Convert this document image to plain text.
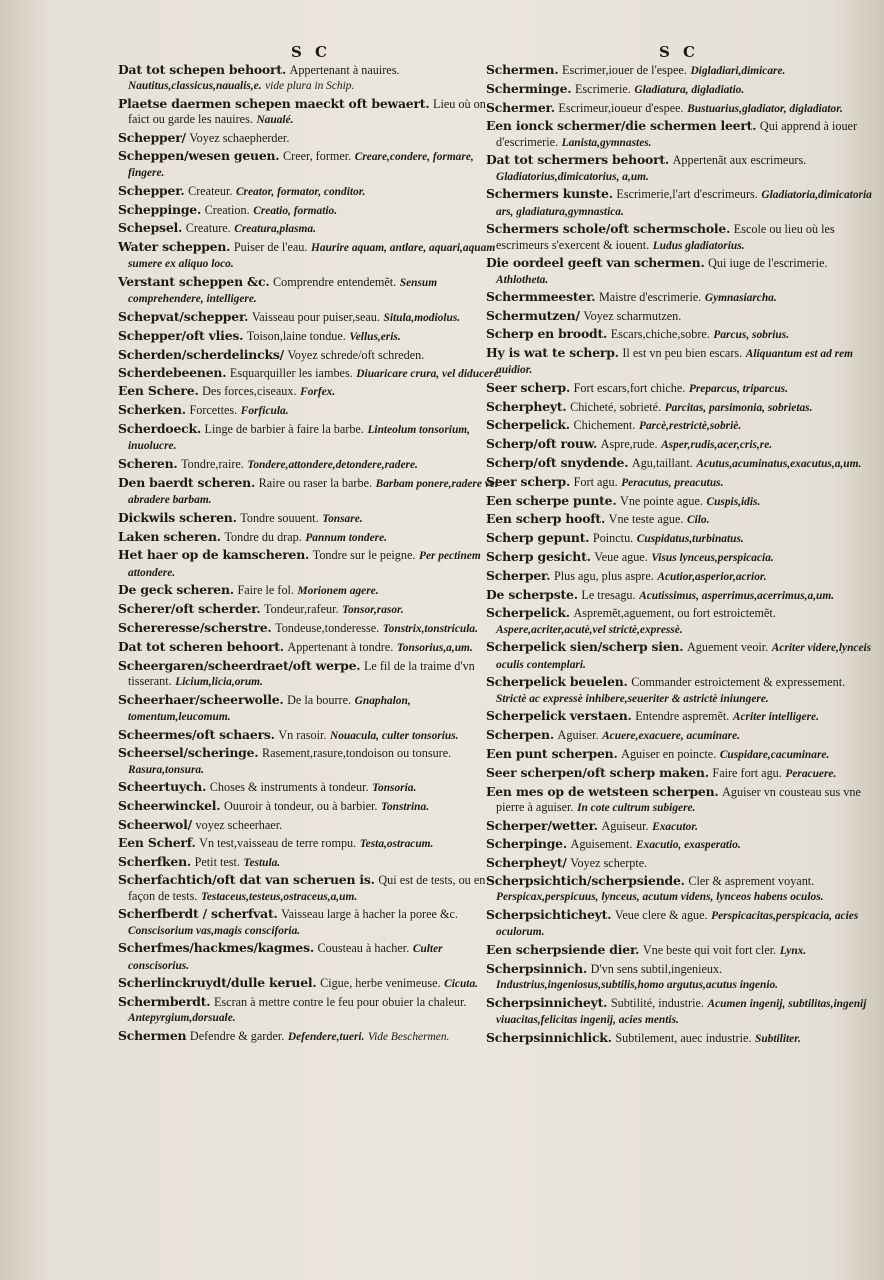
S C

Dat tot schepen behoort. Appertenant à nauires. Nautitus,classicus,naualis,e. vide plura in Schip.

Plaetse daermen schepen maeckt oft bewaert. Lieu où on faict ou garde les nauires. Naualé.

Schepper/ Voyez schaepherder.

Scheppen/wesen geuen. Creer, former. Creare,condere, formare, fingere.

Schepper. Createur. Creator, formator, conditor.

Scheppinge. Creation. Creatio, formatio.

Schepsel. Creature. Creatura,plasma.

Water scheppen. Puiser de l'eau. Haurire aquam, antlare, aquari,aquam sumere ex aliquo loco.

Verstant scheppen &c. Comprendre entendemẽt. Sensum comprehendere, intelligere.

Schepvat/schepper. Vaisseau pour puiser,seau. Situla,modiolus.

Schepper/oft vlies. Toison,laine tondue. Vellus,eris.

Scherden/scherdelincks/ Voyez schrede/oft schreden.

Scherdebeenen. Esquarquiller les iambes. Diuaricare crura, vel diducere.

Een Schere. Des forces,ciseaux. Forfex.

Scherken. Forcettes. Forficula.

Scherdoeck. Linge de barbier à faire la barbe. Linteolum tonsorium, inuolucre.

Scheren. Tondre,raire. Tondere,attondere,detondere,radere.

Den baerdt scheren. Raire ou raser la barbe. Barbam ponere,radere vel abradere barbam.

Dickwils scheren. Tondre souuent. Tonsare.

Laken scheren. Tondre du drap. Pannum tondere.

Het haer op de kamscheren. Tondre sur le peigne. Per pectinem attondere.

De geck scheren. Faire le fol. Morionem agere.

Scherer/oft scherder. Tondeur,rafeur. Tonsor,rasor.

Schereresse/scherstre. Tondeuse,tonderesse. Tonstrix,tonstricula.

Dat tot scheren behoort. Appertenant à tondre. Tonsorius,a,um.

Scheergaren/scheerdraet/oft werpe. Le fil de la traime d'vn tisserant. Licium,licia,orum.

Scheerhaer/scheerwolle. De la bourre. Gnaphalon, tomentum,leucomum.

Scheermes/oft schaers. Vn rasoir. Nouacula, culter tonsorius.

Scheersel/scheringe. Rasement,rasure,tondoison ou tonsure. Rasura,tonsura.

Scheertuych. Choses & instruments à tondeur. Tonsoria.

Scheerwinckel. Ouuroir à tondeur, ou à barbier. Tonstrina.

Scheerwol/ voyez scheerhaer.

Een Scherf. Vn test,vaisseau de terre rompu. Testa,ostracum.

Scherfken. Petit test. Testula.

Scherfachtich/oft dat van scheruen is. Qui est de tests, ou en façon de tests. Testaceus,testeus,ostraceus,a,um.

Scherfberdt / scherfvat. Vaisseau large à hacher la poree &c. Conscisorium vas,magis consciforia.

Scherfmes/hackmes/kagmes. Cousteau à hacher. Culter conscisorius.

Scherlinckruydt/dulle keruel. Cigue, herbe venimeuse. Cicuta.

Schermberdt. Escran à mettre contre le feu pour obuier la chaleur. Antepyrgium,dorsuale.

Schermen Defendre & garder. Defendere,tueri. Vide Beschermen.

S C

Schermen. Escrimer,iouer de l'espee. Digladiari,dimicare.

Schermingе. Escrimerie. Gladiatura, digladiatio.

Schermer. Escrimeur,ioueur d'espee. Bustuarius,gladiator, digladiator.

Een ionck schermer/die schermen leert. Qui apprend à iouer d'escrimerie. Lanista,gymnastes.

Dat tot schermers behoort. Appertenãt aux escrimeurs. Gladiatorius,dimicatorius, a,um.

Schermers kunste. Escrimerie,l'art d'escrimeurs. Gladiatoria,dimicatoria ars, gladiatura,gymnastica.

Schermers schole/oft schermschole. Escole ou lieu où les escrimeurs s'exercent & iouent. Ludus gladiatorius.

Die oordeel geeft van schermen. Qui iuge de l'escrimerie. Athlotheta.

Schermmeester. Maistre d'escrimerie. Gymnasiarcha.

Schermutzen/ Voyez scharmutzen.

Scherp en broodt. Escars,chiche,sobre. Parcus, sobrius.

Hy is wat te scherp. Il est vn peu bien escars. Aliquantum est ad rem auidior.

Seer scherp. Fort escars,fort chiche. Preparcus, triparcus.

Scherpheyt. Chicheté, sobrieté. Parcitas, parsimonia, sobrietas.

Scherpelick. Chichement. Parcè,restrictè,sobriè.

Scherp/oft rouw. Aspre,rude. Asper,rudis,acer,cris,re.

Scherp/oft snydende. Agu,taillant. Acutus,acuminatus,exacutus,a,um.

Seer scherp. Fort agu. Peracutus, preacutus.

Een scherpe punte. Vne pointe ague. Cuspis,idis.

Een scherp hooft. Vne teste ague. Cilo.

Scherp gepunt. Poinctu. Cuspidatus,turbinatus.

Scherp gesicht. Veue ague. Visus lynceus,perspicacia.

Scherper. Plus agu, plus aspre. Acutior,asperior,acrior.

De scherpste. Le tresagu. Acutissimus, asperrimus,acerrimus,a,um.

Scherpelick. Aspremẽt,aguement, ou fort estroictemẽt. Aspere,acriter,acutè,vel strictè,expressè.

Scherpelick sien/scherp sien. Aguement veoir. Acriter videre,lynceis oculis contemplari.

Scherpelick beuelen. Commander estroictement & expressement. Strictè ac expressè inhibere,seueriter & astrictè iniungere.

Scherpelick verstaen. Entendre aspremẽt. Acriter intelligere.

Scherpen. Aguiser. Acuere,exacuere, acuminare.

Een punt scherpen. Aguiser en poincte. Cuspidare,cacuminare.

Seer scherpen/oft scherp maken. Faire fort agu. Peracuere.

Een mes op de wetsteen scherpen. Aguiser vn cousteau sus vne pierre à aguiser. In cote cultrum subigere.

Scherper/wetter. Aguiseur. Exacutor.

Scherpinge. Aguisement. Exacutio, exasperatio.

Scherpheyt/ Voyez scherpte.

Scherpsichtich/scherpsiende. Cler & asprement voyant. Perspicax,perspicuus, lynceus, acutum videns, lynceos habens oculos.

Scherpsichticheyt. Veue clere & ague. Perspicacitas,perspicacia, acies oculorum.

Een scherpsiende dier. Vne beste qui voit fort cler. Lynx.

Scherpsinnich. D'vn sens subtil,ingenieux. Industrius,ingeniosus,subtilis,homo argutus,acutus ingenio.

Scherpsinnicheyt. Subtilité, industrie. Acumen ingenij, subtilitas,ingenij viuacitas,felicitas ingenij, acies mentis.

Scherpsinnichlick. Subtilement, auec industrie. Subtiliter.
